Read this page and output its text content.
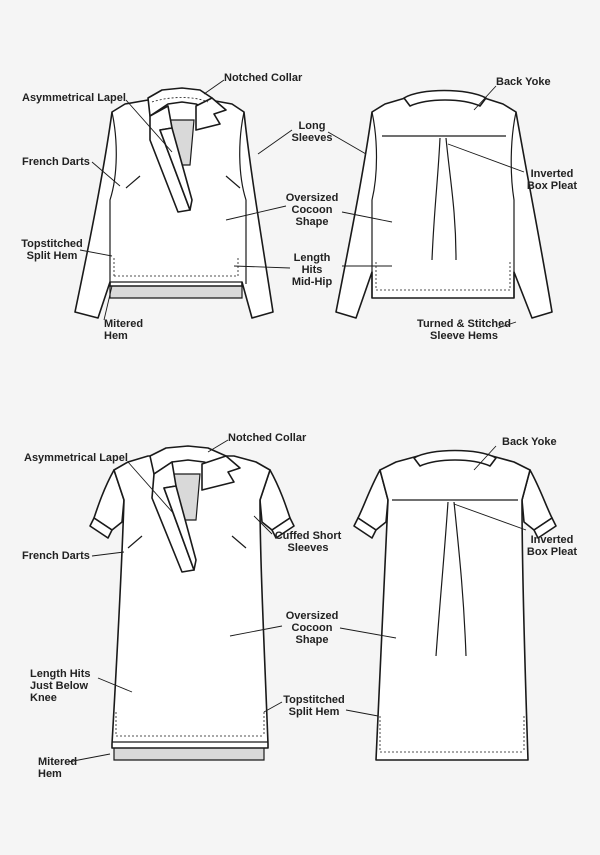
Notched Collar
Asymmetrical Lapel
French Darts
Topstitched
Split Hem
Mitered
Hem
Long
Sleeves
Oversized
Cocoon
Shape
Length
Hits
Mid-Hip
Back Yoke
Inverted
Box Pleat
Turned & Stitched
Sleeve Hems
Notched Collar
Asymmetrical Lapel
French Darts
Length Hits
Just Below
Knee
Mitered
Hem
Cuffed Short
Sleeves
Oversized
Cocoon
Shape
Topstitched
Split Hem
Back Yoke
Inverted
Box Pleat
